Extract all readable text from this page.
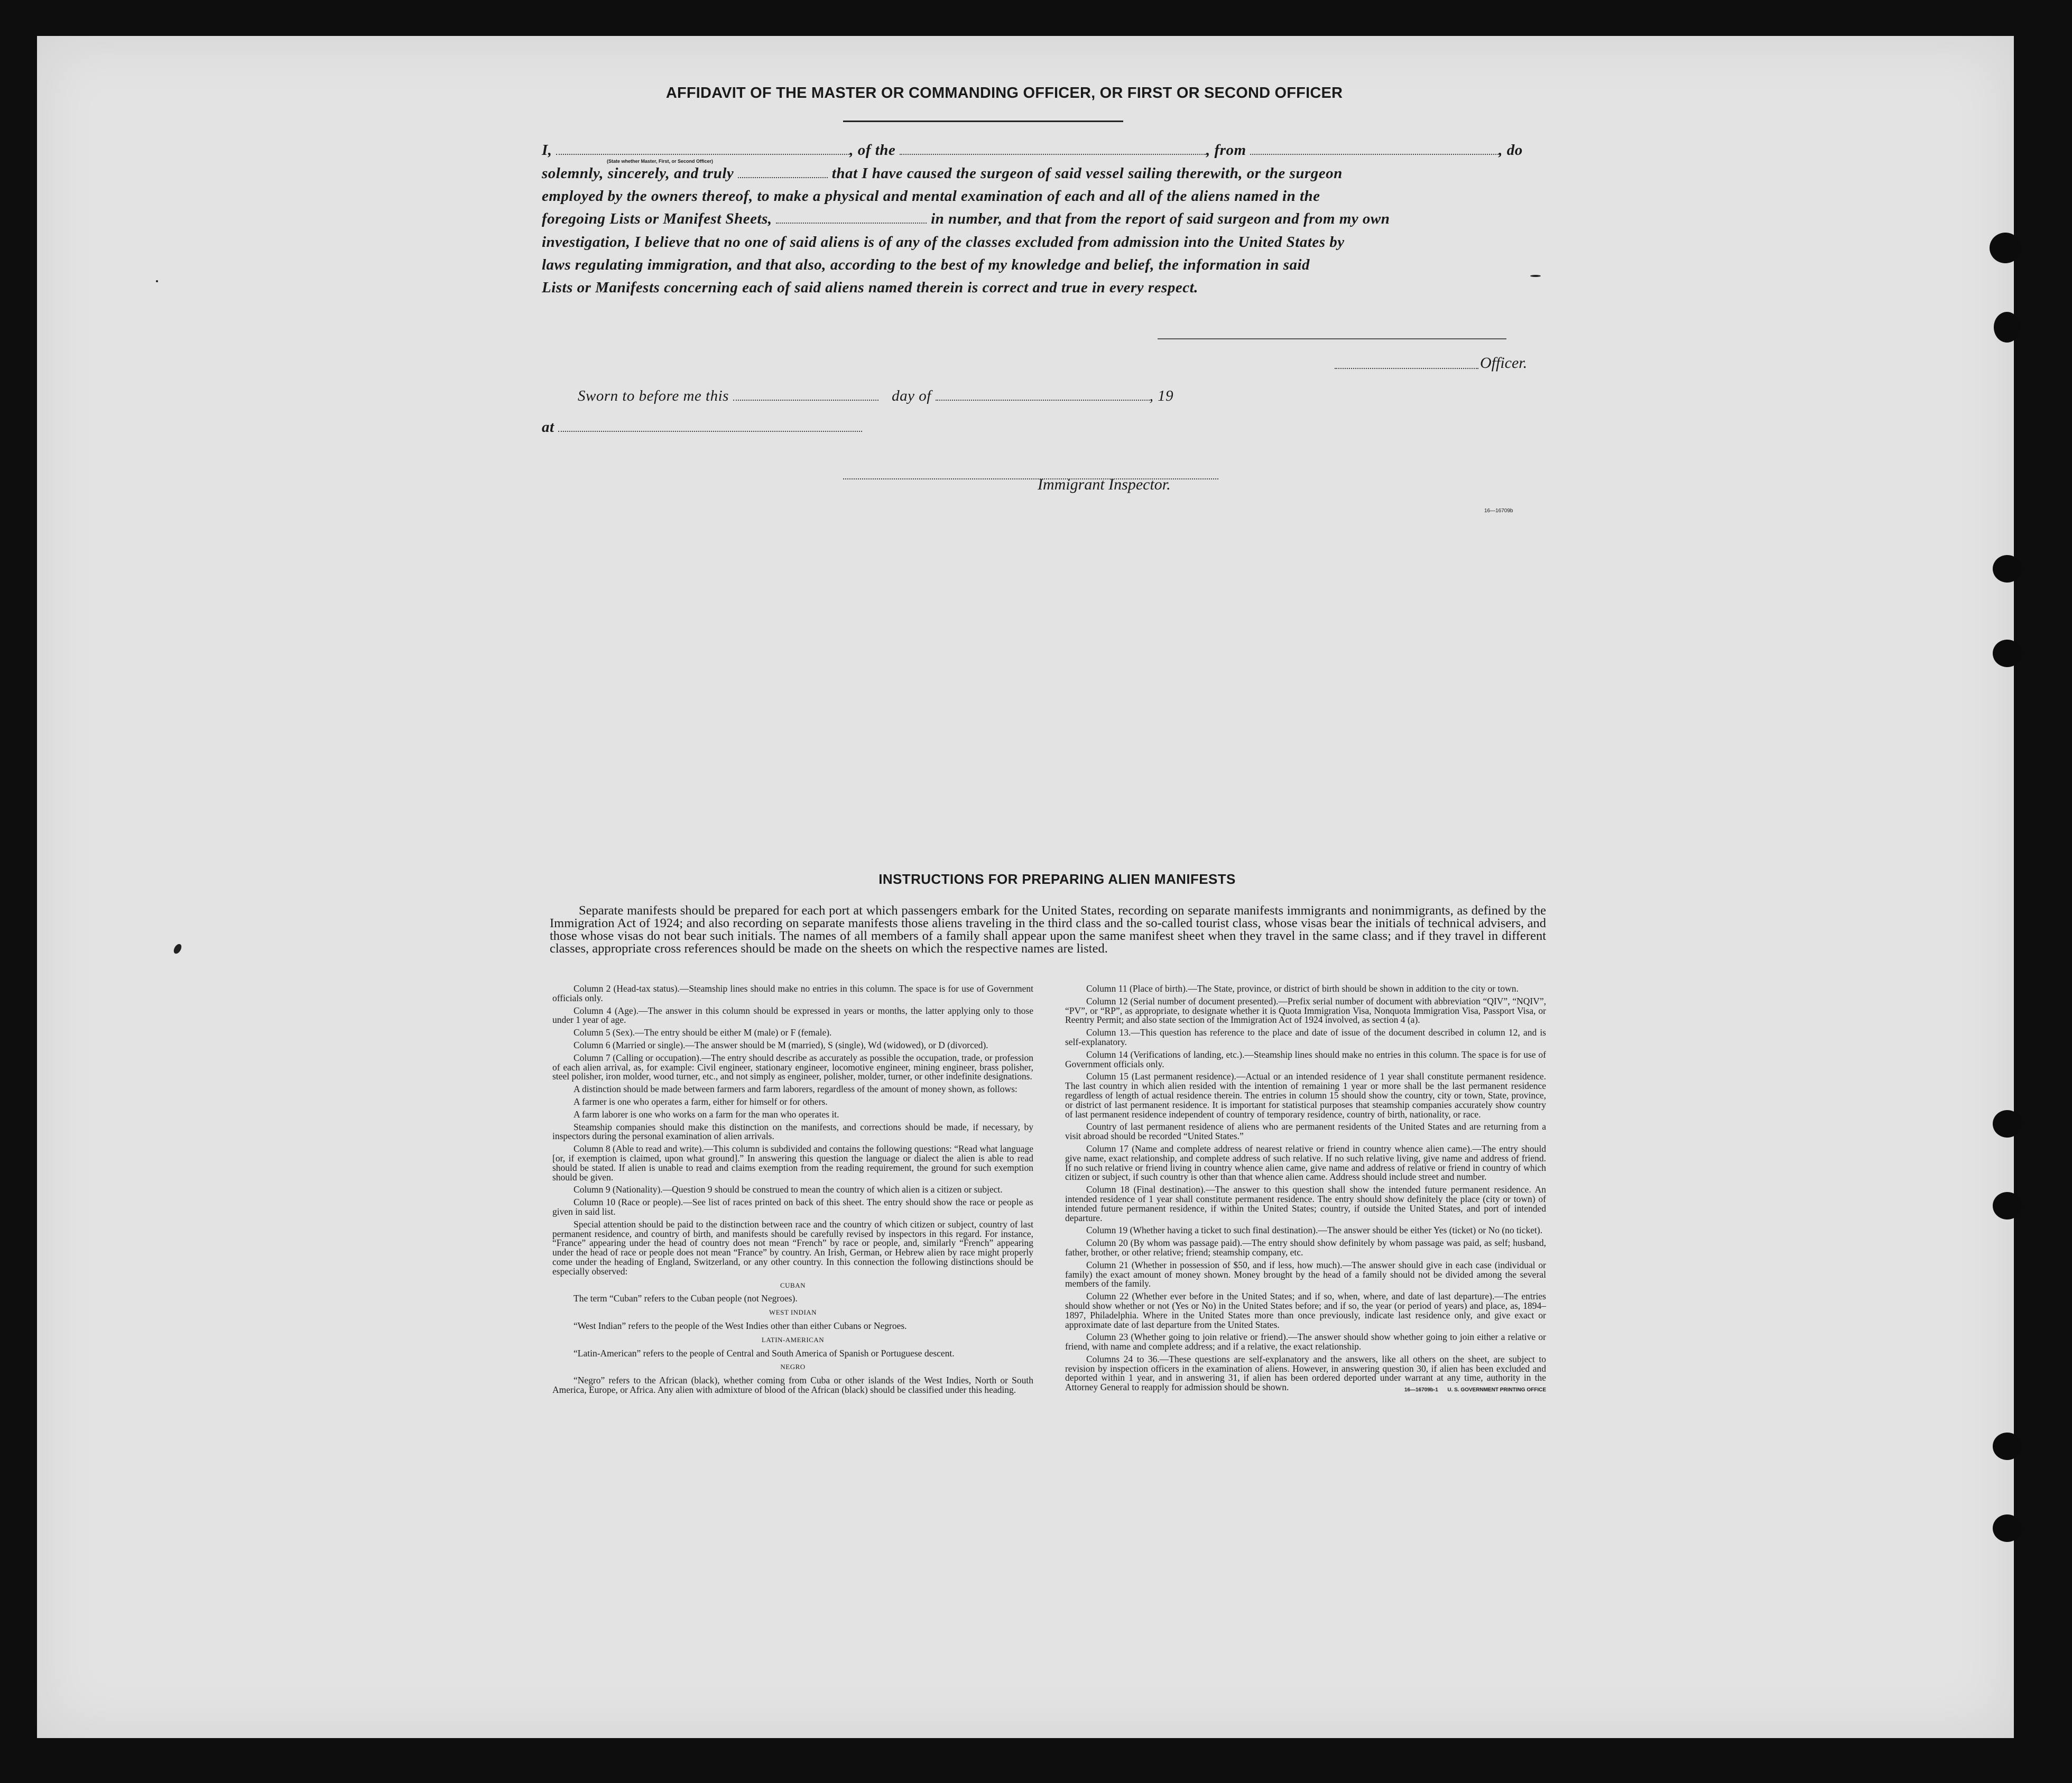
AFFIDAVIT OF THE MASTER OR COMMANDING OFFICER, OR FIRST OR SECOND OFFICER
I,	, of the	, from	, do
(State whether Master, First, or Second Officer)
solemnly, sincerely, and truly	that I have caused the surgeon of said vessel sailing therewith, or the surgeon
employed by the owners thereof, to make a physical and mental examination of each and all of the aliens named in the
foregoing Lists or Manifest Sheets,	in number, and that from the report of said surgeon and from my own
investigation, I believe that no one of said aliens is of any of the classes excluded from admission into the United States by
laws regulating immigration, and that also, according to the best of my knowledge and belief, the information in said
Lists or Manifests concerning each of said aliens named therein is correct and true in every respect.
Officer.
Sworn to before me this	day of	, 19
at
Immigrant Inspector.
16—16709b
INSTRUCTIONS FOR PREPARING ALIEN MANIFESTS
Separate manifests should be prepared for each port at which passengers embark for the United States, recording on separate manifests immigrants and nonimmigrants, as defined by the Immigration Act of 1924; and also recording on separate manifests those aliens traveling in the third class and the so-called tourist class, whose visas bear the initials of technical advisers, and those whose visas do not bear such initials. The names of all members of a family shall appear upon the same manifest sheet when they travel in the same class; and if they travel in different classes, appropriate cross references should be made on the sheets on which the respective names are listed.

Column 2 (Head-tax status).—Steamship lines should make no entries in this column. The space is for use of Government officials only.

Column 4 (Age).—The answer in this column should be expressed in years or months, the latter applying only to those under 1 year of age.

Column 5 (Sex).—The entry should be either M (male) or F (female).

Column 6 (Married or single).—The answer should be M (married), S (single), Wd (widowed), or D (divorced).

Column 7 (Calling or occupation).—The entry should describe as accurately as possible the occupation, trade, or profession of each alien arrival, as, for example: Civil engineer, stationary engineer, locomotive engineer, mining engineer, brass polisher, steel polisher, iron molder, wood turner, etc., and not simply as engineer, polisher, molder, turner, or other indefinite designations.

A distinction should be made between farmers and farm laborers, regardless of the amount of money shown, as follows:

A farmer is one who operates a farm, either for himself or for others.

A farm laborer is one who works on a farm for the man who operates it.

Steamship companies should make this distinction on the manifests, and corrections should be made, if necessary, by inspectors during the personal examination of alien arrivals.

Column 8 (Able to read and write).—This column is subdivided and contains the following questions: “Read what language [or, if exemption is claimed, upon what ground].” In answering this question the language or dialect the alien is able to read should be stated. If alien is unable to read and claims exemption from the reading requirement, the ground for such exemption should be given.

Column 9 (Nationality).—Question 9 should be construed to mean the country of which alien is a citizen or subject.

Column 10 (Race or people).—See list of races printed on back of this sheet. The entry should show the race or people as given in said list.

Special attention should be paid to the distinction between race and the country of which citizen or subject, country of last permanent residence, and country of birth, and manifests should be carefully revised by inspectors in this regard. For instance, “France” appearing under the head of country does not mean “French” by race or people, and, similarly “French” appearing under the head of race or people does not mean “France” by country. An Irish, German, or Hebrew alien by race might properly come under the heading of England, Switzerland, or any other country. In this connection the following distinctions should be especially observed:

CUBAN

The term “Cuban” refers to the Cuban people (not Negroes).

WEST INDIAN

“West Indian” refers to the people of the West Indies other than either Cubans or Negroes.

LATIN-AMERICAN

“Latin-American” refers to the people of Central and South America of Spanish or Portuguese descent.

NEGRO

“Negro” refers to the African (black), whether coming from Cuba or other islands of the West Indies, North or South America, Europe, or Africa. Any alien with admixture of blood of the African (black) should be classified under this heading.

Column 11 (Place of birth).—The State, province, or district of birth should be shown in addition to the city or town.

Column 12 (Serial number of document presented).—Prefix serial number of document with abbreviation “QIV”, “NQIV”, “PV”, or “RP”, as appropriate, to designate whether it is Quota Immigration Visa, Nonquota Immigration Visa, Passport Visa, or Reentry Permit; and also state section of the Immigration Act of 1924 involved, as section 4 (a).

Column 13.—This question has reference to the place and date of issue of the document described in column 12, and is self-explanatory.

Column 14 (Verifications of landing, etc.).—Steamship lines should make no entries in this column. The space is for use of Government officials only.

Column 15 (Last permanent residence).—Actual or an intended residence of 1 year shall constitute permanent residence. The last country in which alien resided with the intention of remaining 1 year or more shall be the last permanent residence regardless of length of actual residence therein. The entries in column 15 should show the country, city or town, State, province, or district of last permanent residence. It is important for statistical purposes that steamship companies accurately show country of last permanent residence independent of country of temporary residence, country of birth, nationality, or race.

Country of last permanent residence of aliens who are permanent residents of the United States and are returning from a visit abroad should be recorded “United States.”

Column 17 (Name and complete address of nearest relative or friend in country whence alien came).—The entry should give name, exact relationship, and complete address of such relative. If no such relative living, give name and address of friend. If no such relative or friend living in country whence alien came, give name and address of relative or friend in country of which citizen or subject, if such country is other than that whence alien came. Address should include street and number.

Column 18 (Final destination).—The answer to this question shall show the intended future permanent residence. An intended residence of 1 year shall constitute permanent residence. The entry should show definitely the place (city or town) of intended future permanent residence, if within the United States; country, if outside the United States, and port of intended departure.

Column 19 (Whether having a ticket to such final destination).—The answer should be either Yes (ticket) or No (no ticket).

Column 20 (By whom was passage paid).—The entry should show definitely by whom passage was paid, as self; husband, father, brother, or other relative; friend; steamship company, etc.

Column 21 (Whether in possession of $50, and if less, how much).—The answer should give in each case (individual or family) the exact amount of money shown. Money brought by the head of a family should not be divided among the several members of the family.

Column 22 (Whether ever before in the United States; and if so, when, where, and date of last departure).—The entries should show whether or not (Yes or No) in the United States before; and if so, the year (or period of years) and place, as, 1894–1897, Philadelphia. Where in the United States more than once previously, indicate last residence only, and give exact or approximate date of last departure from the United States.

Column 23 (Whether going to join relative or friend).—The answer should show whether going to join either a relative or friend, with name and complete address; and if a relative, the exact relationship.

Columns 24 to 36.—These questions are self-explanatory and the answers, like all others on the sheet, are subject to revision by inspection officers in the examination of aliens. However, in answering question 30, if alien has been excluded and deported within 1 year, and in answering 31, if alien has been ordered deported under warrant at any time, authority in the Attorney General to reapply for admission should be shown.	16—16709b-1 U. S. GOVERNMENT PRINTING OFFICE
